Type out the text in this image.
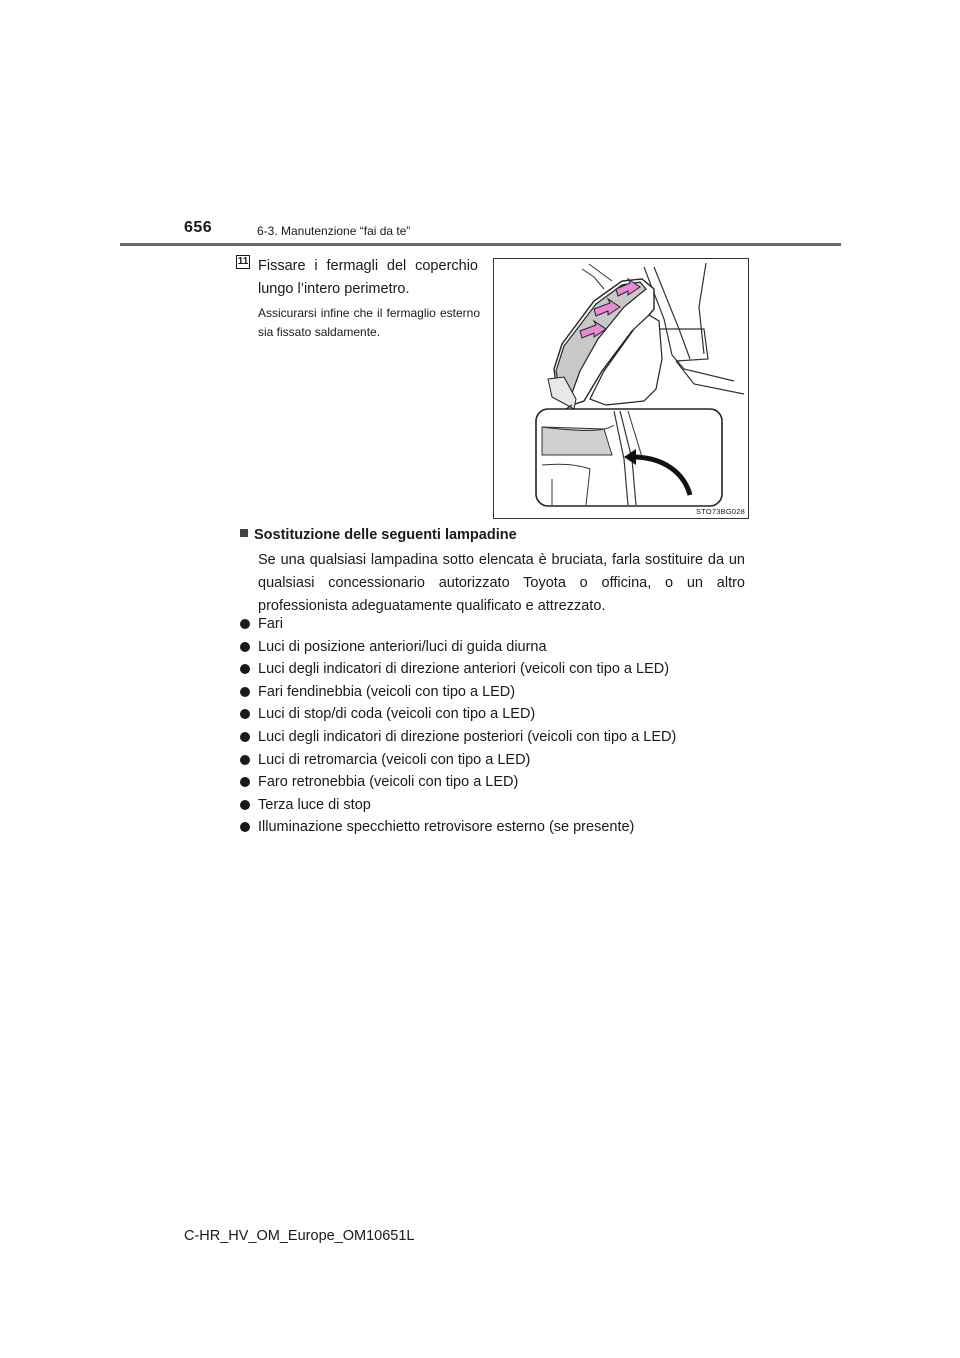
656	6-3. Manutenzione “fai da te”
11 Fissare i fermagli del coperchio lungo l’intero perimetro.
Assicurarsi infine che il fermaglio esterno sia fissato saldamente.
STO73BG028
Sostituzione delle seguenti lampadine
Se una qualsiasi lampadina sotto elencata è bruciata, farla sostituire da un qualsiasi concessionario autorizzato Toyota o officina, o un altro professionista adeguatamente qualificato e attrezzato.
Fari
Luci di posizione anteriori/luci di guida diurna
Luci degli indicatori di direzione anteriori (veicoli con tipo a LED)
Fari fendinebbia (veicoli con tipo a LED)
Luci di stop/di coda (veicoli con tipo a LED)
Luci degli indicatori di direzione posteriori (veicoli con tipo a LED)
Luci di retromarcia (veicoli con tipo a LED)
Faro retronebbia (veicoli con tipo a LED)
Terza luce di stop
Illuminazione specchietto retrovisore esterno (se presente)
C-HR_HV_OM_Europe_OM10651L
